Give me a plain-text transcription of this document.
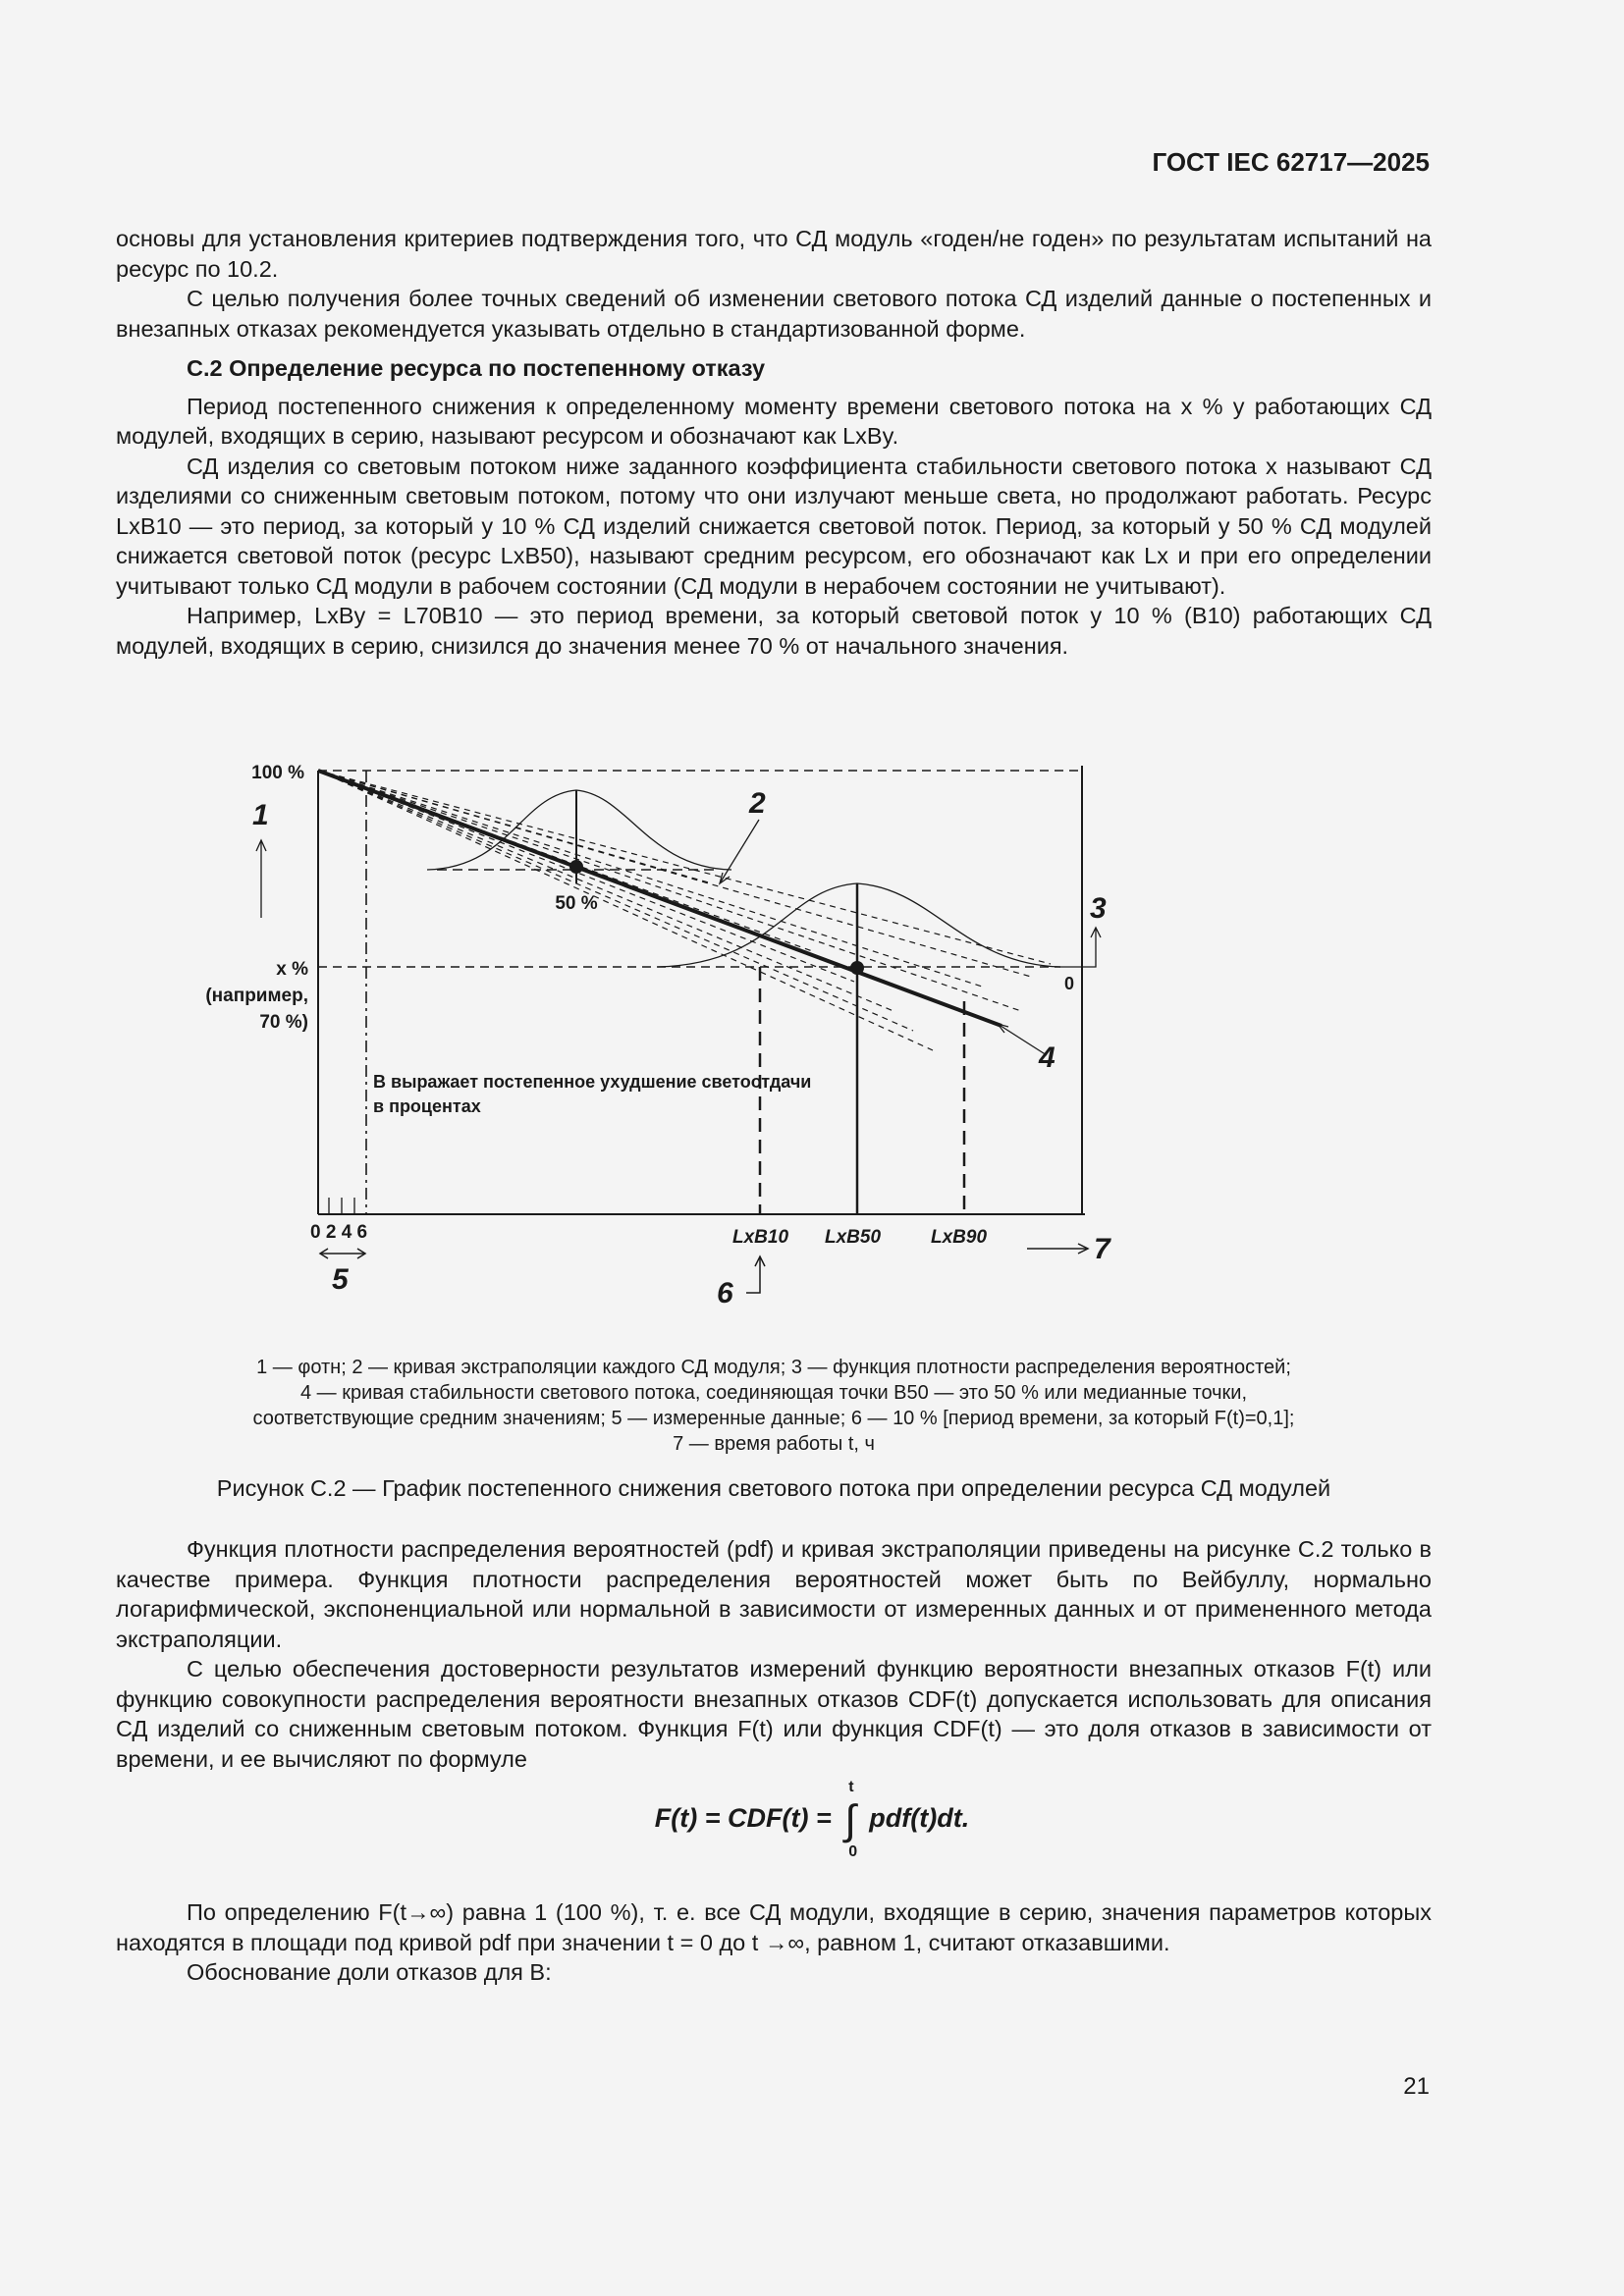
ГОСТ IEC 62717—2025

основы для установления критериев подтверждения того, что СД модуль «годен/не годен» по результатам испытаний на ресурс по 10.2.

С целью получения более точных сведений об изменении светового потока СД изделий данные о постепенных и внезапных отказах рекомендуется указывать отдельно в стандартизованной форме.

C.2 Определение ресурса по постепенному отказу

Период постепенного снижения к определенному моменту времени светового потока на x % у работающих СД модулей, входящих в серию, называют ресурсом и обозначают как LxBy.

СД изделия со световым потоком ниже заданного коэффициента стабильности светового потока x называют СД изделиями со сниженным световым потоком, потому что они излучают меньше света, но продолжают работать. Ресурс LxB10 — это период, за который у 10 % СД изделий снижается световой поток. Период, за который у 50 % СД модулей снижается световой поток (ресурс LxB50), называют средним ресурсом, его обозначают как Lx и при его определении учитывают только СД модули в рабочем состоянии (СД модули в нерабочем состоянии не учитывают).

Например, LxBy = L70B10 — это период времени, за который световой поток у 10 % (B10) работающих СД модулей, входящих в серию, снизился до значения менее 70 % от начального значения.

100 %
50 %
x %
(например,
70 %)
0
B выражает постепенное ухудшение светоотдачи
в процентах
0 2 4 6	LxB10 LxB50	LxB90
1	2
3
4
5	6
7
1 — φотн; 2 — кривая экстраполяции каждого СД модуля; 3 — функция плотности распределения вероятностей;
4 — кривая стабильности светового потока, соединяющая точки B50 — это 50 % или медианные точки,
соответствующие средним значениям; 5 — измеренные данные; 6 — 10 % [период времени, за который F(t)=0,1];
7 — время работы t, ч
Рисунок C.2 — График постепенного снижения светового потока при определении ресурса СД модулей

Функция плотности распределения вероятностей (pdf) и кривая экстраполяции приведены на рисунке C.2 только в качестве примера. Функция плотности распределения вероятностей может быть по Вейбуллу, нормально логарифмической, экспоненциальной или нормальной в зависимости от измеренных данных и от примененного метода экстраполяции.

С целью обеспечения достоверности результатов измерений функцию вероятности внезапных отказов F(t) или функцию совокупности распределения вероятности внезапных отказов CDF(t) допускается использовать для описания СД изделий со сниженным световым потоком. Функция F(t) или функция CDF(t) — это доля отказов в зависимости от времени, и ее вычисляют по формуле

F(t) = CDF(t) = ∫
t
0
pdf(t)dt.

По определению F(t→∞) равна 1 (100 %), т. е. все СД модули, входящие в серию, значения параметров которых находятся в площади под кривой pdf при значении t = 0 до t →∞, равном 1, считают отказавшими.

Обоснование доли отказов для B:

21
